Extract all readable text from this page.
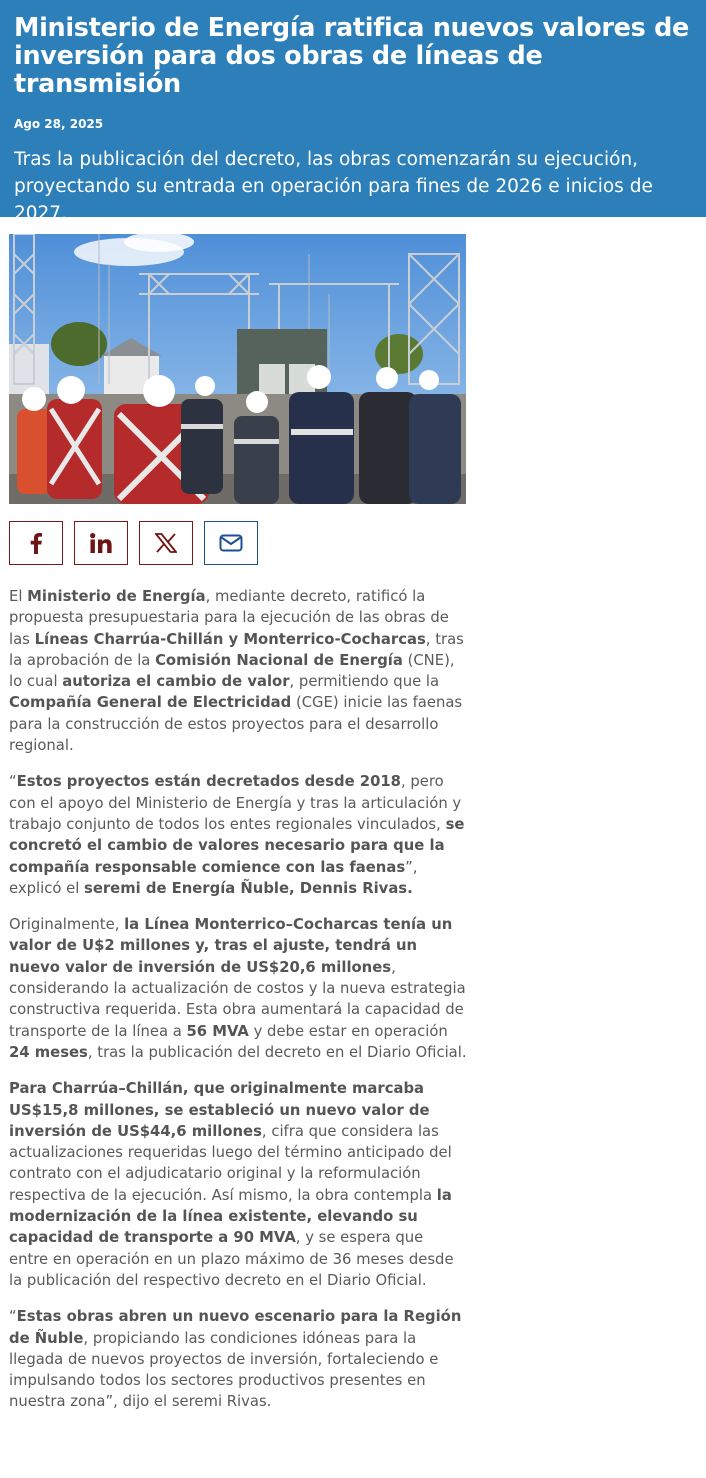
Ministerio de Energía ratifica nuevos valores de inversión para dos obras de líneas de transmisión
Ago 28, 2025
Tras la publicación del decreto, las obras comenzarán su ejecución, proyectando su entrada en operación para fines de 2026 e inicios de 2027.

El Ministerio de Energía, mediante decreto, ratificó la propuesta presupuestaria para la ejecución de las obras de las Líneas Charrúa-Chillán y Monterrico-Cocharcas, tras la aprobación de la Comisión Nacional de Energía (CNE), lo cual autoriza el cambio de valor, permitiendo que la Compañía General de Electricidad (CGE) inicie las faenas para la construcción de estos proyectos para el desarrollo regional.

“Estos proyectos están decretados desde 2018, pero con el apoyo del Ministerio de Energía y tras la articulación y trabajo conjunto de todos los entes regionales vinculados, se concretó el cambio de valores necesario para que la compañía responsable comience con las faenas”, explicó el seremi de Energía Ñuble, Dennis Rivas.

Originalmente, la Línea Monterrico–Cocharcas tenía un valor de U$2 millones y, tras el ajuste, tendrá un nuevo valor de inversión de US$20,6 millones, considerando la actualización de costos y la nueva estrategia constructiva requerida. Esta obra aumentará la capacidad de transporte de la línea a 56 MVA y debe estar en operación 24 meses, tras la publicación del decreto en el Diario Oficial.

Para Charrúa–Chillán, que originalmente marcaba US$15,8 millones, se estableció un nuevo valor de inversión de US$44,6 millones, cifra que considera las actualizaciones requeridas luego del término anticipado del contrato con el adjudicatario original y la reformulación respectiva de la ejecución. Así mismo, la obra contempla la modernización de la línea existente, elevando su capacidad de transporte a 90 MVA, y se espera que entre en operación en un plazo máximo de 36 meses desde la publicación del respectivo decreto en el Diario Oficial.

“Estas obras abren un nuevo escenario para la Región de Ñuble, propiciando las condiciones idóneas para la llegada de nuevos proyectos de inversión, fortaleciendo e impulsando todos los sectores productivos presentes en nuestra zona”, dijo el seremi Rivas.
